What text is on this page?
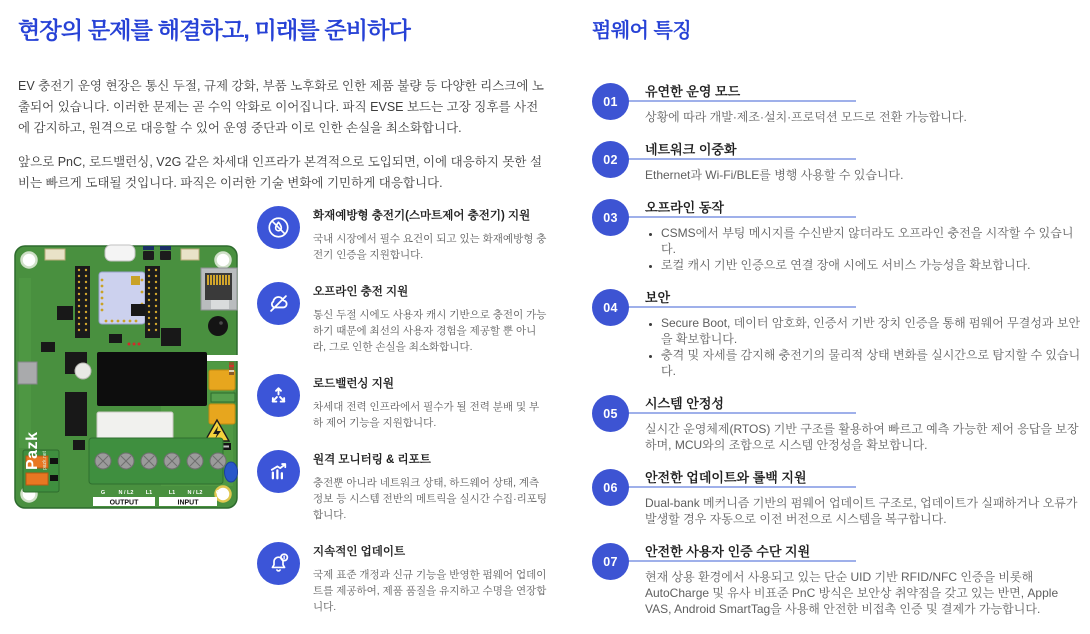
현장의 문제를 해결하고, 미래를 준비하다

EV 충전기 운영 현장은 통신 두절, 규제 강화, 부품 노후화로 인한 제품 불량 등 다양한 리스크에 노출되어 있습니다. 이러한 문제는 곧 수익 악화로 이어집니다. 파직 EVSE 보드는 고장 징후를 사전에 감지하고, 원격으로 대응할 수 있어 운영 중단과 이로 인한 손실을 최소화합니다.

앞으로 PnC, 로드밸런싱, V2G 같은 차세대 인프라가 본격적으로 도입되면, 이에 대응하지 못한 설비는 빠르게 도태될 것입니다. 파직은 이러한 기술 변화에 기민하게 대응합니다.

G N / L2 L1	L1 N / L2 G
OUTPUT	INPUT
Pazk pazk.net
화재예방형 충전기(스마트제어 충전기) 지원
국내 시장에서 필수 요건이 되고 있는 화재예방형 충전기 인증을 지원합니다.
오프라인 충전 지원
통신 두절 시에도 사용자 캐시 기반으로 충전이 가능하기 때문에 최선의 사용자 경험을 제공할 뿐 아니라, 그로 인한 손실을 최소화합니다.
로드밸런싱 지원
차세대 전력 인프라에서 필수가 될 전력 분배 및 부하 제어 기능을 지원합니다.
원격 모니터링 & 리포트
충전뿐 아니라 네트워크 상태, 하드웨어 상태, 계측 정보 등 시스템 전반의 메트릭을 실시간 수집·리포팅합니다.
지속적인 업데이트
국제 표준 개정과 신규 기능을 반영한 펌웨어 업데이트를 제공하여, 제품 품질을 유지하고 수명을 연장합니다.
펌웨어 특징
01
유연한 운영 모드

상황에 따라 개발·제조·설치·프로덕션 모드로 전환 가능합니다.

02
네트워크 이중화

Ethernet과 Wi-Fi/BLE를 병행 사용할 수 있습니다.

03
오프라인 동작
• CSMS에서 부팅 메시지를 수신받지 않더라도 오프라인 충전을 시작할 수 있습니다.
• 로컬 캐시 기반 인증으로 연결 장애 시에도 서비스 가능성을 확보합니다.
04
보안
• Secure Boot, 데이터 암호화, 인증서 기반 장치 인증을 통해 펌웨어 무결성과 보안을 확보합니다.
• 충격 및 자세를 감지해 충전기의 물리적 상태 변화를 실시간으로 탐지할 수 있습니다.
05
시스템 안정성

실시간 운영체제(RTOS) 기반 구조를 활용하여 빠르고 예측 가능한 제어 응답을 보장하며, MCU와의 조합으로 시스템 안정성을 확보합니다.

06
안전한 업데이트와 롤백 지원

Dual-bank 메커니즘 기반의 펌웨어 업데이트 구조로, 업데이트가 실패하거나 오류가 발생할 경우 자동으로 이전 버전으로 시스템을 복구합니다.

07
안전한 사용자 인증 수단 지원

현재 상용 환경에서 사용되고 있는 단순 UID 기반 RFID/NFC 인증을 비롯해 AutoCharge 및 유사 비표준 PnC 방식은 보안상 취약점을 갖고 있는 반면, Apple VAS, Android SmartTag을 사용해 안전한 비접촉 인증 및 결제가 가능합니다.
